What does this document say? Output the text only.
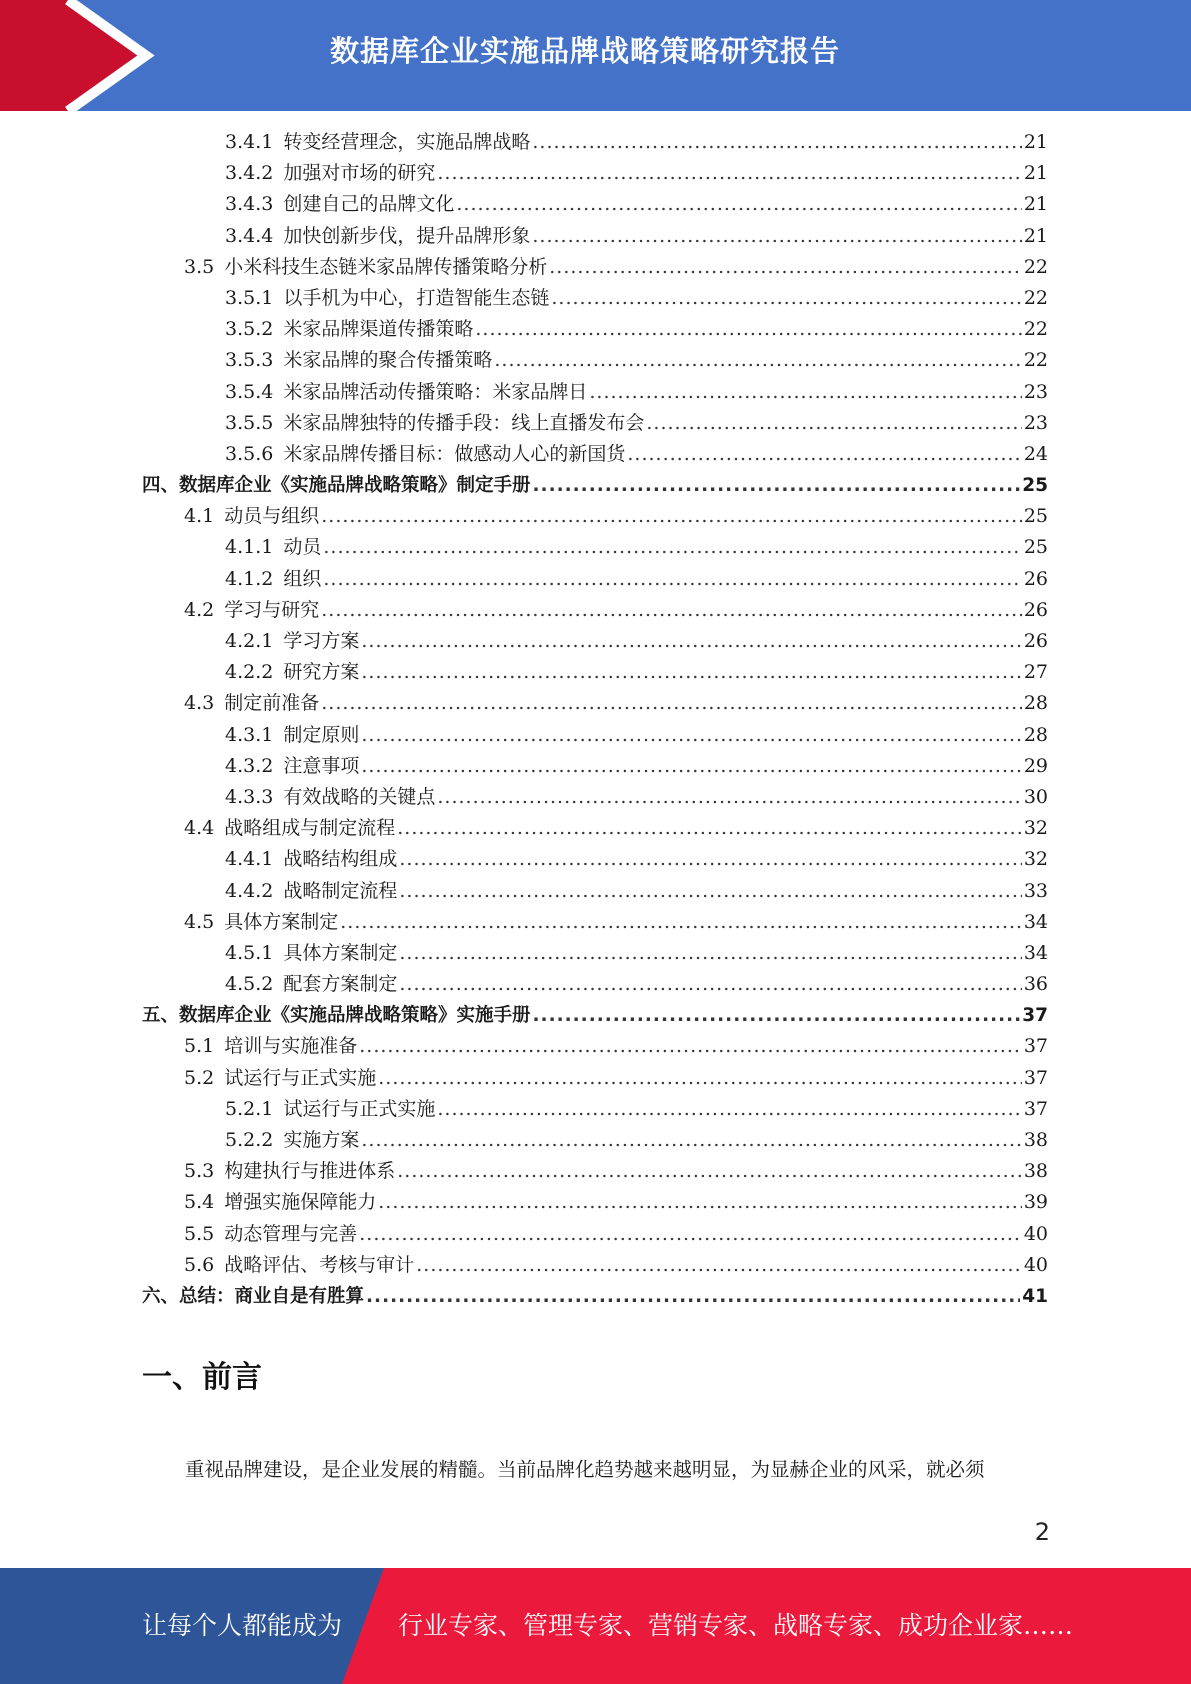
数据库企业实施品牌战略策略研究报告
3.4.1 转变经营理念，实施品牌战略 .....	21
3.4.2 加强对市场的研究 .....	21
3.4.3 创建自己的品牌文化 .....	21
3.4.4 加快创新步伐，提升品牌形象 .....	21
3.5 小米科技生态链米家品牌传播策略分析 .....	22
3.5.1 以手机为中心，打造智能生态链 .....	22
3.5.2 米家品牌渠道传播策略 .....	22
3.5.3 米家品牌的聚合传播策略 .....	22
3.5.4 米家品牌活动传播策略：米家品牌日 .....	23
3.5.5 米家品牌独特的传播手段：线上直播发布会 .....	23
3.5.6 米家品牌传播目标：做感动人心的新国货 .....	24
四、数据库企业《实施品牌战略策略》制定手册 .....	25
4.1 动员与组织 .....	25
4.1.1 动员 .....	25
4.1.2 组织 .....	26
4.2 学习与研究 .....	26
4.2.1 学习方案 .....	26
4.2.2 研究方案 .....	27
4.3 制定前准备 .....	28
4.3.1 制定原则 .....	28
4.3.2 注意事项 .....	29
4.3.3 有效战略的关键点 .....	30
4.4 战略组成与制定流程 .....	32
4.4.1 战略结构组成 .....	32
4.4.2 战略制定流程 .....	33
4.5 具体方案制定 .....	34
4.5.1 具体方案制定 .....	34
4.5.2 配套方案制定 .....	36
五、数据库企业《实施品牌战略策略》实施手册 .....	37
5.1 培训与实施准备 .....	37
5.2 试运行与正式实施 .....	37
5.2.1 试运行与正式实施 .....	37
5.2.2 实施方案 .....	38
5.3 构建执行与推进体系 .....	38
5.4 增强实施保障能力 .....	39
5.5 动态管理与完善 .....	40
5.6 战略评估、考核与审计 .....	40
六、总结：商业自是有胜算 .....	41
一、前言

重视品牌建设，是企业发展的精髓。当前品牌化趋势越来越明显，为显赫企业的风采，就必须

2
让每个人都能成为 行业专家、管理专家、营销专家、战略专家、成功企业家……
